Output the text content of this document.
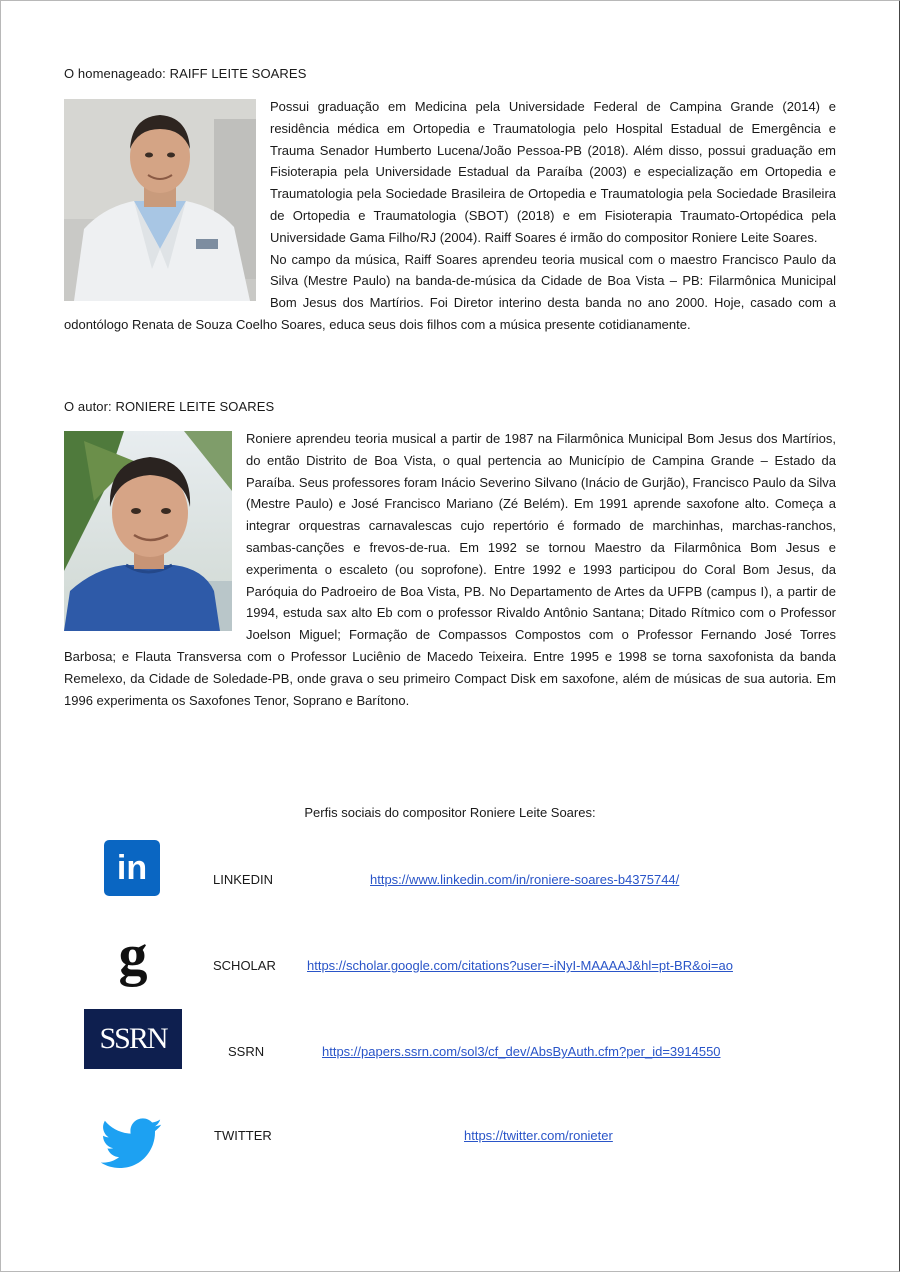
O homenageado: RAIFF LEITE SOARES

Possui graduação em Medicina pela Universidade Federal de Campina Grande (2014) e residência médica em Ortopedia e Traumatologia pelo Hospital Estadual de Emergência e Trauma Senador Humberto Lucena/João Pessoa-PB (2018). Além disso, possui graduação em Fisioterapia pela Universidade Estadual da Paraíba (2003) e especialização em Ortopedia e Traumatologia pela Sociedade Brasileira de Ortopedia e Traumatologia pela Sociedade Brasileira de Ortopedia e Traumatologia (SBOT) (2018) e em Fisioterapia Traumato-Ortopédica pela Universidade Gama Filho/RJ (2004). Raiff Soares é irmão do compositor Roniere Leite Soares.

No campo da música, Raiff Soares aprendeu teoria musical com o maestro Francisco Paulo da Silva (Mestre Paulo) na banda-de-música da Cidade de Boa Vista – PB: Filarmônica Municipal Bom Jesus dos Martírios. Foi Diretor interino desta banda no ano 2000. Hoje, casado com a odontólogo Renata de Souza Coelho Soares, educa seus dois filhos com a música presente cotidianamente.

O autor: RONIERE LEITE SOARES

Roniere aprendeu teoria musical a partir de 1987 na Filarmônica Municipal Bom Jesus dos Martírios, do então Distrito de Boa Vista, o qual pertencia ao Município de Campina Grande – Estado da Paraíba. Seus professores foram Inácio Severino Silvano (Inácio de Gurjão), Francisco Paulo da Silva (Mestre Paulo) e José Francisco Mariano (Zé Belém). Em 1991 aprende saxofone alto. Começa a integrar orquestras carnavalescas cujo repertório é formado de marchinhas, marchas-ranchos, sambas-canções e frevos-de-rua. Em 1992 se tornou Maestro da Filarmônica Bom Jesus e experimenta o escaleto (ou soprofone). Entre 1992 e 1993 participou do Coral Bom Jesus, da Paróquia do Padroeiro de Boa Vista, PB. No Departamento de Artes da UFPB (campus I), a partir de 1994, estuda sax alto Eb com o professor Rivaldo Antônio Santana; Ditado Rítmico com o Professor Joelson Miguel; Formação de Compassos Compostos com o Professor Fernando José Torres Barbosa; e Flauta Transversa com o Professor Luciênio de Macedo Teixeira. Entre 1995 e 1998 se torna saxofonista da banda Remelexo, da Cidade de Soledade-PB, onde grava o seu primeiro Compact Disk em saxofone, além de músicas de sua autoria. Em 1996 experimenta os Saxofones Tenor, Soprano e Barítono.

Perfis sociais do compositor Roniere Leite Soares:
in	LINKEDIN	https://www.linkedin.com/in/roniere-soares-b4375744/
g	SCHOLAR https://scholar.google.com/citations?user=-iNyI-MAAAAJ&hl=pt-BR&oi=ao
SSRN	SSRN	https://papers.ssrn.com/sol3/cf_dev/AbsByAuth.cfm?per_id=3914550
TWITTER	https://twitter.com/ronieter
